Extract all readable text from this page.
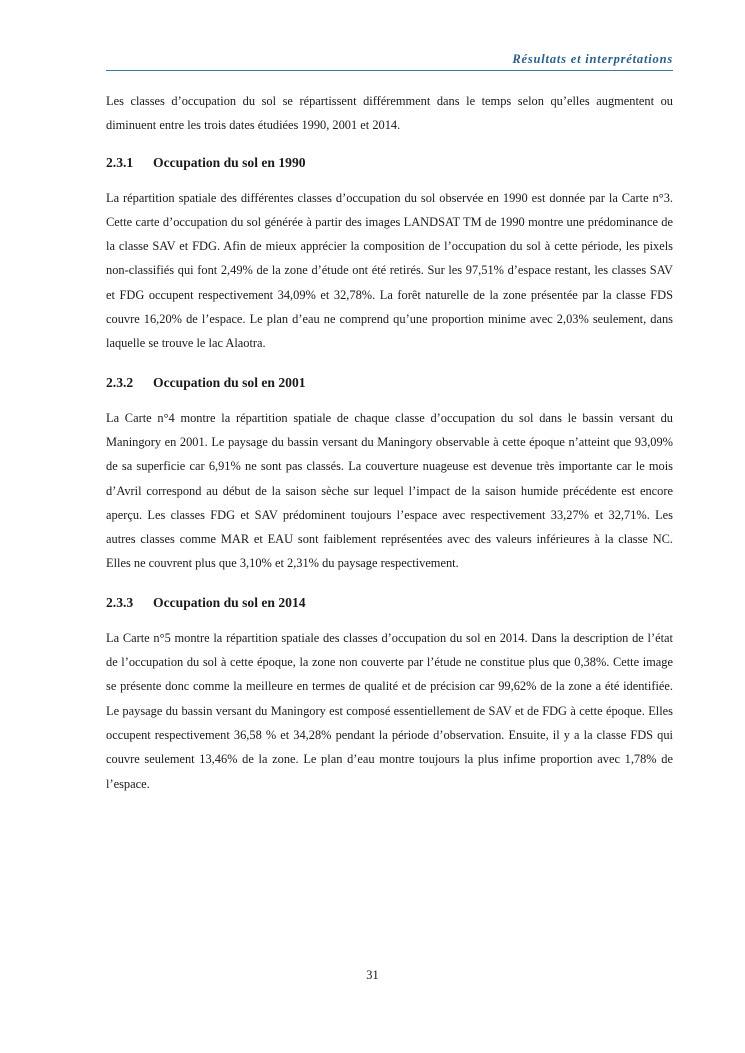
Résultats et interprétations

Les classes d’occupation du sol se répartissent différemment dans le temps selon qu’elles augmentent ou diminuent entre les trois dates étudiées 1990, 2001 et 2014.

2.3.1 Occupation du sol en 1990

La répartition spatiale des différentes classes d’occupation du sol observée en 1990 est donnée par la Carte n°3. Cette carte d’occupation du sol générée à partir des images LANDSAT TM de 1990 montre une prédominance de la classe SAV et FDG. Afin de mieux apprécier la composition de l’occupation du sol à cette période, les pixels non-classifiés qui font 2,49% de la zone d’étude ont été retirés. Sur les 97,51% d’espace restant, les classes SAV et FDG occupent respectivement 34,09% et 32,78%. La forêt naturelle de la zone présentée par la classe FDS couvre 16,20% de l’espace. Le plan d’eau ne comprend qu’une proportion minime avec 2,03% seulement, dans laquelle se trouve le lac Alaotra.

2.3.2 Occupation du sol en 2001

La Carte n°4 montre la répartition spatiale de chaque classe d’occupation du sol dans le bassin versant du Maningory en 2001. Le paysage du bassin versant du Maningory observable à cette époque n’atteint que 93,09% de sa superficie car 6,91% ne sont pas classés. La couverture nuageuse est devenue très importante car le mois d’Avril correspond au début de la saison sèche sur lequel l’impact de la saison humide précédente est encore aperçu. Les classes FDG et SAV prédominent toujours l’espace avec respectivement 33,27% et 32,71%. Les autres classes comme MAR et EAU sont faiblement représentées avec des valeurs inférieures à la classe NC. Elles ne couvrent plus que 3,10% et 2,31% du paysage respectivement.

2.3.3 Occupation du sol en 2014

La Carte n°5 montre la répartition spatiale des classes d’occupation du sol en 2014. Dans la description de l’état de l’occupation du sol à cette époque, la zone non couverte par l’étude ne constitue plus que 0,38%. Cette image se présente donc comme la meilleure en termes de qualité et de précision car 99,62% de la zone a été identifiée. Le paysage du bassin versant du Maningory est composé essentiellement de SAV et de FDG à cette époque. Elles occupent respectivement 36,58 % et 34,28% pendant la période d’observation. Ensuite, il y a la classe FDS qui couvre seulement 13,46% de la zone. Le plan d’eau montre toujours la plus infime proportion avec 1,78% de l’espace.

31
